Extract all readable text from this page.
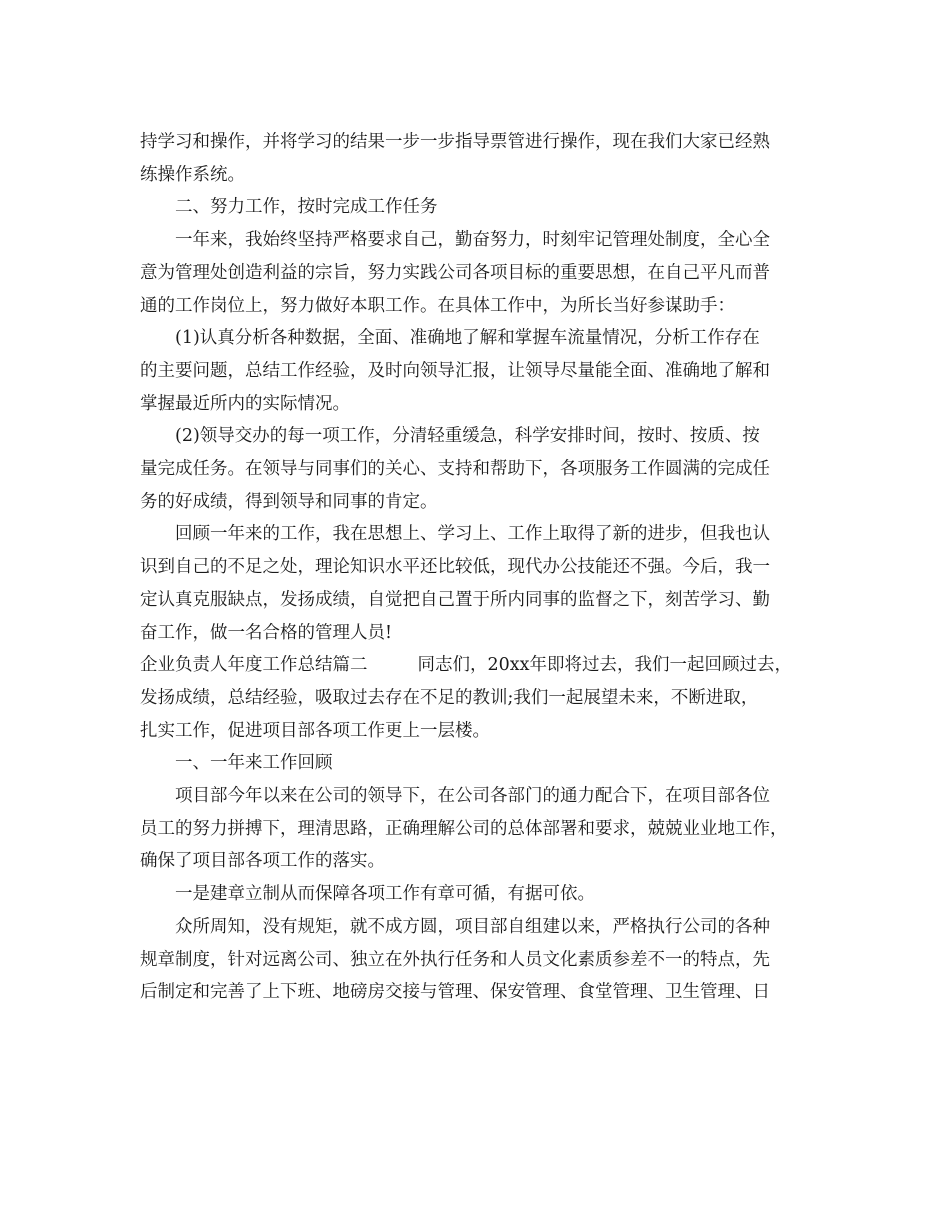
持学习和操作，并将学习的结果一步一步指导票管进行操作，现在我们大家已经熟
练操作系统。
二、努力工作，按时完成工作任务
一年来，我始终坚持严格要求自己，勤奋努力，时刻牢记管理处制度，全心全
意为管理处创造利益的宗旨，努力实践公司各项目标的重要思想，在自己平凡而普
通的工作岗位上，努力做好本职工作。在具体工作中，为所长当好参谋助手：
(1)认真分析各种数据，全面、准确地了解和掌握车流量情况，分析工作存在
的主要问题，总结工作经验，及时向领导汇报，让领导尽量能全面、准确地了解和
掌握最近所内的实际情况。
(2)领导交办的每一项工作，分清轻重缓急，科学安排时间，按时、按质、按
量完成任务。在领导与同事们的关心、支持和帮助下，各项服务工作圆满的完成任
务的好成绩，得到领导和同事的肯定。
回顾一年来的工作，我在思想上、学习上、工作上取得了新的进步，但我也认
识到自己的不足之处，理论知识水平还比较低，现代办公技能还不强。今后，我一
定认真克服缺点，发扬成绩，自觉把自己置于所内同事的监督之下，刻苦学习、勤
奋工作，做一名合格的管理人员!
企业负责人年度工作总结篇二	同志们，20xx年即将过去，我们一起回顾过去，
发扬成绩，总结经验，吸取过去存在不足的教训;我们一起展望未来，不断进取，
扎实工作，促进项目部各项工作更上一层楼。
一、一年来工作回顾
项目部今年以来在公司的领导下，在公司各部门的通力配合下，在项目部各位
员工的努力拼搏下，理清思路，正确理解公司的总体部署和要求，兢兢业业地工作，
确保了项目部各项工作的落实。
一是建章立制从而保障各项工作有章可循，有据可依。
众所周知，没有规矩，就不成方圆，项目部自组建以来，严格执行公司的各种
规章制度，针对远离公司、独立在外执行任务和人员文化素质参差不一的特点，先
后制定和完善了上下班、地磅房交接与管理、保安管理、食堂管理、卫生管理、日
